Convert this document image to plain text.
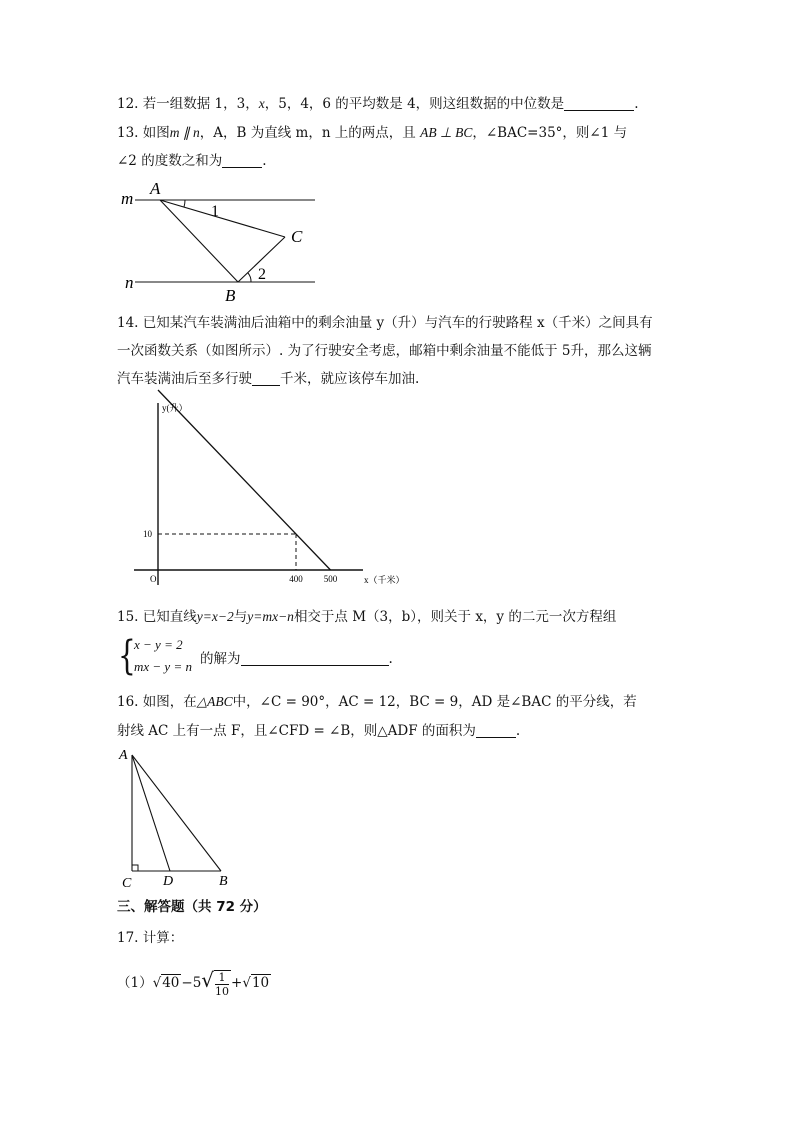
12. 若一组数据 1，3，x，5，4，6 的平均数是 4，则这组数据的中位数是	.
13. 如图m ∥ n，A，B 为直线 m，n 上的两点，且 AB ⊥ BC，∠BAC=35°，则∠1 与
∠2 的度数之和为	.
m
n
A
B
C
1
2
14. 已知某汽车装满油后油箱中的剩余油量 y（升）与汽车的行驶路程 x（千米）之间具有
一次函数关系（如图所示）. 为了行驶安全考虑，邮箱中剩余油量不能低于 5升，那么这辆
汽车装满油后至多行驶 千米，就应该停车加油.
y(升）
x（千米）
O
10
400 500
15. 已知直线y=x−2与y=mx−n相交于点 M（3，b），则关于 x，y 的二元一次方程组
{
x − y = 2
mx − y = n 的解为	.
16. 如图，在△ABC中，∠C = 90°，AC = 12，BC = 9，AD 是∠BAC 的平分线，若
射线 AC 上有一点 F，且∠CFD = ∠B，则△ADF 的面积为	.
A
C D	B
三、解答题（共 72 分）
17. 计算：
$(1)√40 -5√ \frac{1}{10} +√10$
